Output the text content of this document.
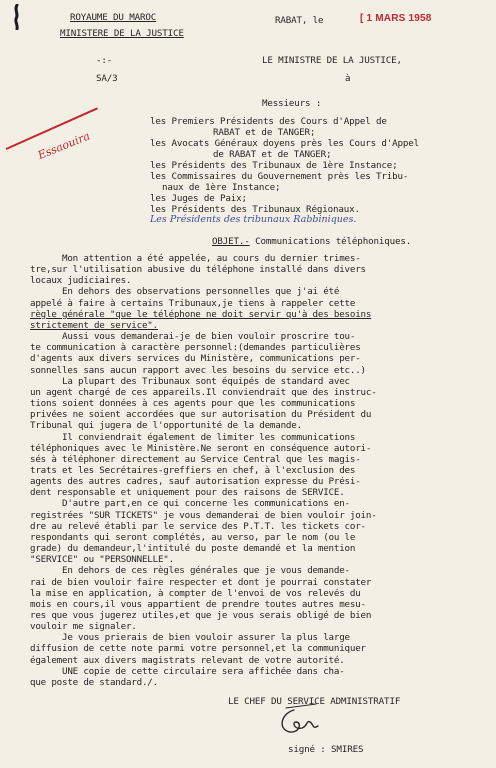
ROYAUME DU MAROC
MINISTERE DE LA JUSTICE
-:-
SA/3
RABAT, le	[ 1 MARS 1958
LE MINISTRE DE LA JUSTICE,
à
Messieurs :
les Premiers Présidents des Cours d'Appel de
RABAT et de TANGER;
les Avocats Généraux doyens près les Cours d'Appel
de RABAT et de TANGER;
les Présidents des Tribunaux de 1ère Instance;
les Commissaires du Gouvernement près les Tribu-
naux de 1ère Instance;
les Juges de Paix;
les Présidents des Tribunaux Régionaux.
Les Présidents des tribunaux Rabbiniques.
Essaouira
OBJET.- Communications téléphoniques.
Mon attention a été appelée, au cours du dernier trimes-
tre,sur l'utilisation abusive du téléphone installé dans divers
locaux judiciaires.
En dehors des observations personnelles que j'ai été
appelé à faire à certains Tribunaux,je tiens à rappeler cette
règle générale "que le téléphone ne doit servir qu'à des besoins
strictement de service".
Aussi vous demanderai-je de bien vouloir proscrire tou-
te communication à caractère personnel:(demandes particulières
d'agents aux divers services du Ministère, communications per-
sonnelles sans aucun rapport avec les besoins du service etc..)
La plupart des Tribunaux sont équipés de standard avec
un agent chargé de ces appareils.Il conviendrait que des instruc-
tions soient données à ces agents pour que les communications
privées ne soient accordées que sur autorisation du Président du
Tribunal qui jugera de l'opportunité de la demande.
Il conviendrait également de limiter les communications
téléphoniques avec le Ministère.Ne seront en conséquence autori-
sés à téléphoner directement au Service Central que les magis-
trats et les Secrétaires-greffiers en chef, à l'exclusion des
agents des autres cadres, sauf autorisation expresse du Prési-
dent responsable et uniquement pour des raisons de SERVICE.
D'autre part,en ce qui concerne les communications en-
registrées "SUR TICKETS" je vous demanderai de bien vouloir join-
dre au relevé établi par le service des P.T.T. les tickets cor-
respondants qui seront complétés, au verso, par le nom (ou le
grade) du demandeur,l'intitulé du poste demandé et la mention
"SERVICE" ou "PERSONNELLE".
En dehors de ces règles générales que je vous demande-
rai de bien vouloir faire respecter et dont je pourrai constater
la mise en application, à compter de l'envoi de vos relevés du
mois en cours,il vous appartient de prendre toutes autres mesu-
res que vous jugerez utiles,et que je vous serais obligé de bien
vouloir me signaler.
Je vous prierais de bien vouloir assurer la plus large
diffusion de cette note parmi votre personnel,et la communiquer
également aux divers magistrats relevant de votre autorité.
UNE copie de cette circulaire sera affichée dans cha-
que poste de standard./.
LE CHEF DU SERVICE ADMINISTRATIF
signé : SMIRES
